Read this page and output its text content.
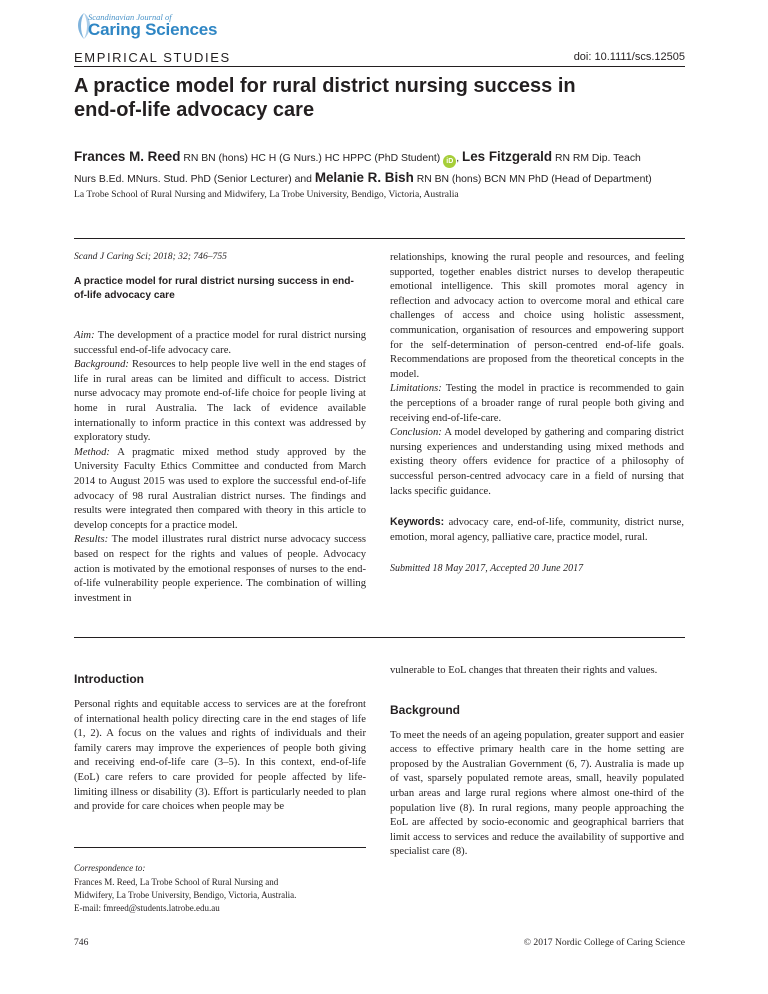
Scandinavian Journal of
Caring Sciences
EMPIRICAL STUDIES	doi: 10.1111/scs.12505
A practice model for rural district nursing success in
end-of-life advocacy care
Frances M. Reed RN BN (hons) HC H (G Nurs.) HC HPPC (PhD Student) iD , Les Fitzgerald RN RM Dip. Teach
Nurs B.Ed. MNurs. Stud. PhD (Senior Lecturer) and Melanie R. Bish RN BN (hons) BCN MN PhD (Head of Department)
La Trobe School of Rural Nursing and Midwifery, La Trobe University, Bendigo, Victoria, Australia
Scand J Caring Sci; 2018; 32; 746–755
A practice model for rural district nursing success in end-of-life advocacy care

Aim: The development of a practice model for rural district nursing successful end-of-life advocacy care.

Background: Resources to help people live well in the end stages of life in rural areas can be limited and difficult to access. District nurse advocacy may promote end-of-life choice for people living at home in rural Australia. The lack of evidence available internationally to inform practice in this context was addressed by exploratory study.

Method: A pragmatic mixed method study approved by the University Faculty Ethics Committee and conducted from March 2014 to August 2015 was used to explore the successful end-of-life advocacy of 98 rural Australian district nurses. The findings and results were integrated then compared with theory in this article to develop concepts for a practice model.

Results: The model illustrates rural district nurse advocacy success based on respect for the rights and values of people. Advocacy action is motivated by the emotional responses of nurses to the end-of-life vulnerability people experience. The combination of willing investment in

relationships, knowing the rural people and resources, and feeling supported, together enables district nurses to develop therapeutic emotional intelligence. This skill promotes moral agency in reflection and advocacy action to overcome moral and ethical care challenges of access and choice using holistic assessment, communication, organisation of resources and empowering support for the self-determination of person-centred end-of-life goals. Recommendations are proposed from the theoretical concepts in the model.

Limitations: Testing the model in practice is recommended to gain the perceptions of a broader range of rural people both giving and receiving end-of-life-care.

Conclusion: A model developed by gathering and comparing district nursing experiences and understanding using mixed methods and existing theory offers evidence for practice of a philosophy of successful person-centred advocacy care in a field of nursing that lacks specific guidance.

Keywords: advocacy care, end-of-life, community, district nurse, emotion, moral agency, palliative care, practice model, rural.
Submitted 18 May 2017, Accepted 20 June 2017
Introduction

Personal rights and equitable access to services are at the forefront of international health policy directing care in the end stages of life (1, 2). A focus on the values and rights of individuals and their family carers may improve the experiences of people both giving and receiving end-of-life care (3–5). In this context, end-of-life (EoL) care refers to care provided for people affected by life-limiting illness or disability (3). Effort is particularly needed to plan and provide for care choices when people may be

vulnerable to EoL changes that threaten their rights and values.

Background

To meet the needs of an ageing population, greater support and easier access to effective primary health care in the home setting are proposed by the Australian Government (6, 7). Australia is made up of vast, sparsely populated remote areas, small, heavily populated urban areas and large rural regions where almost one-third of the population live (8). In rural regions, many people approaching the EoL are affected by socio-economic and geographical barriers that limit access to services and reduce the availability of supportive and specialist care (8).

Correspondence to:
Frances M. Reed, La Trobe School of Rural Nursing and
Midwifery, La Trobe University, Bendigo, Victoria, Australia.
E-mail: fmreed@students.latrobe.edu.au
746	© 2017 Nordic College of Caring Science
